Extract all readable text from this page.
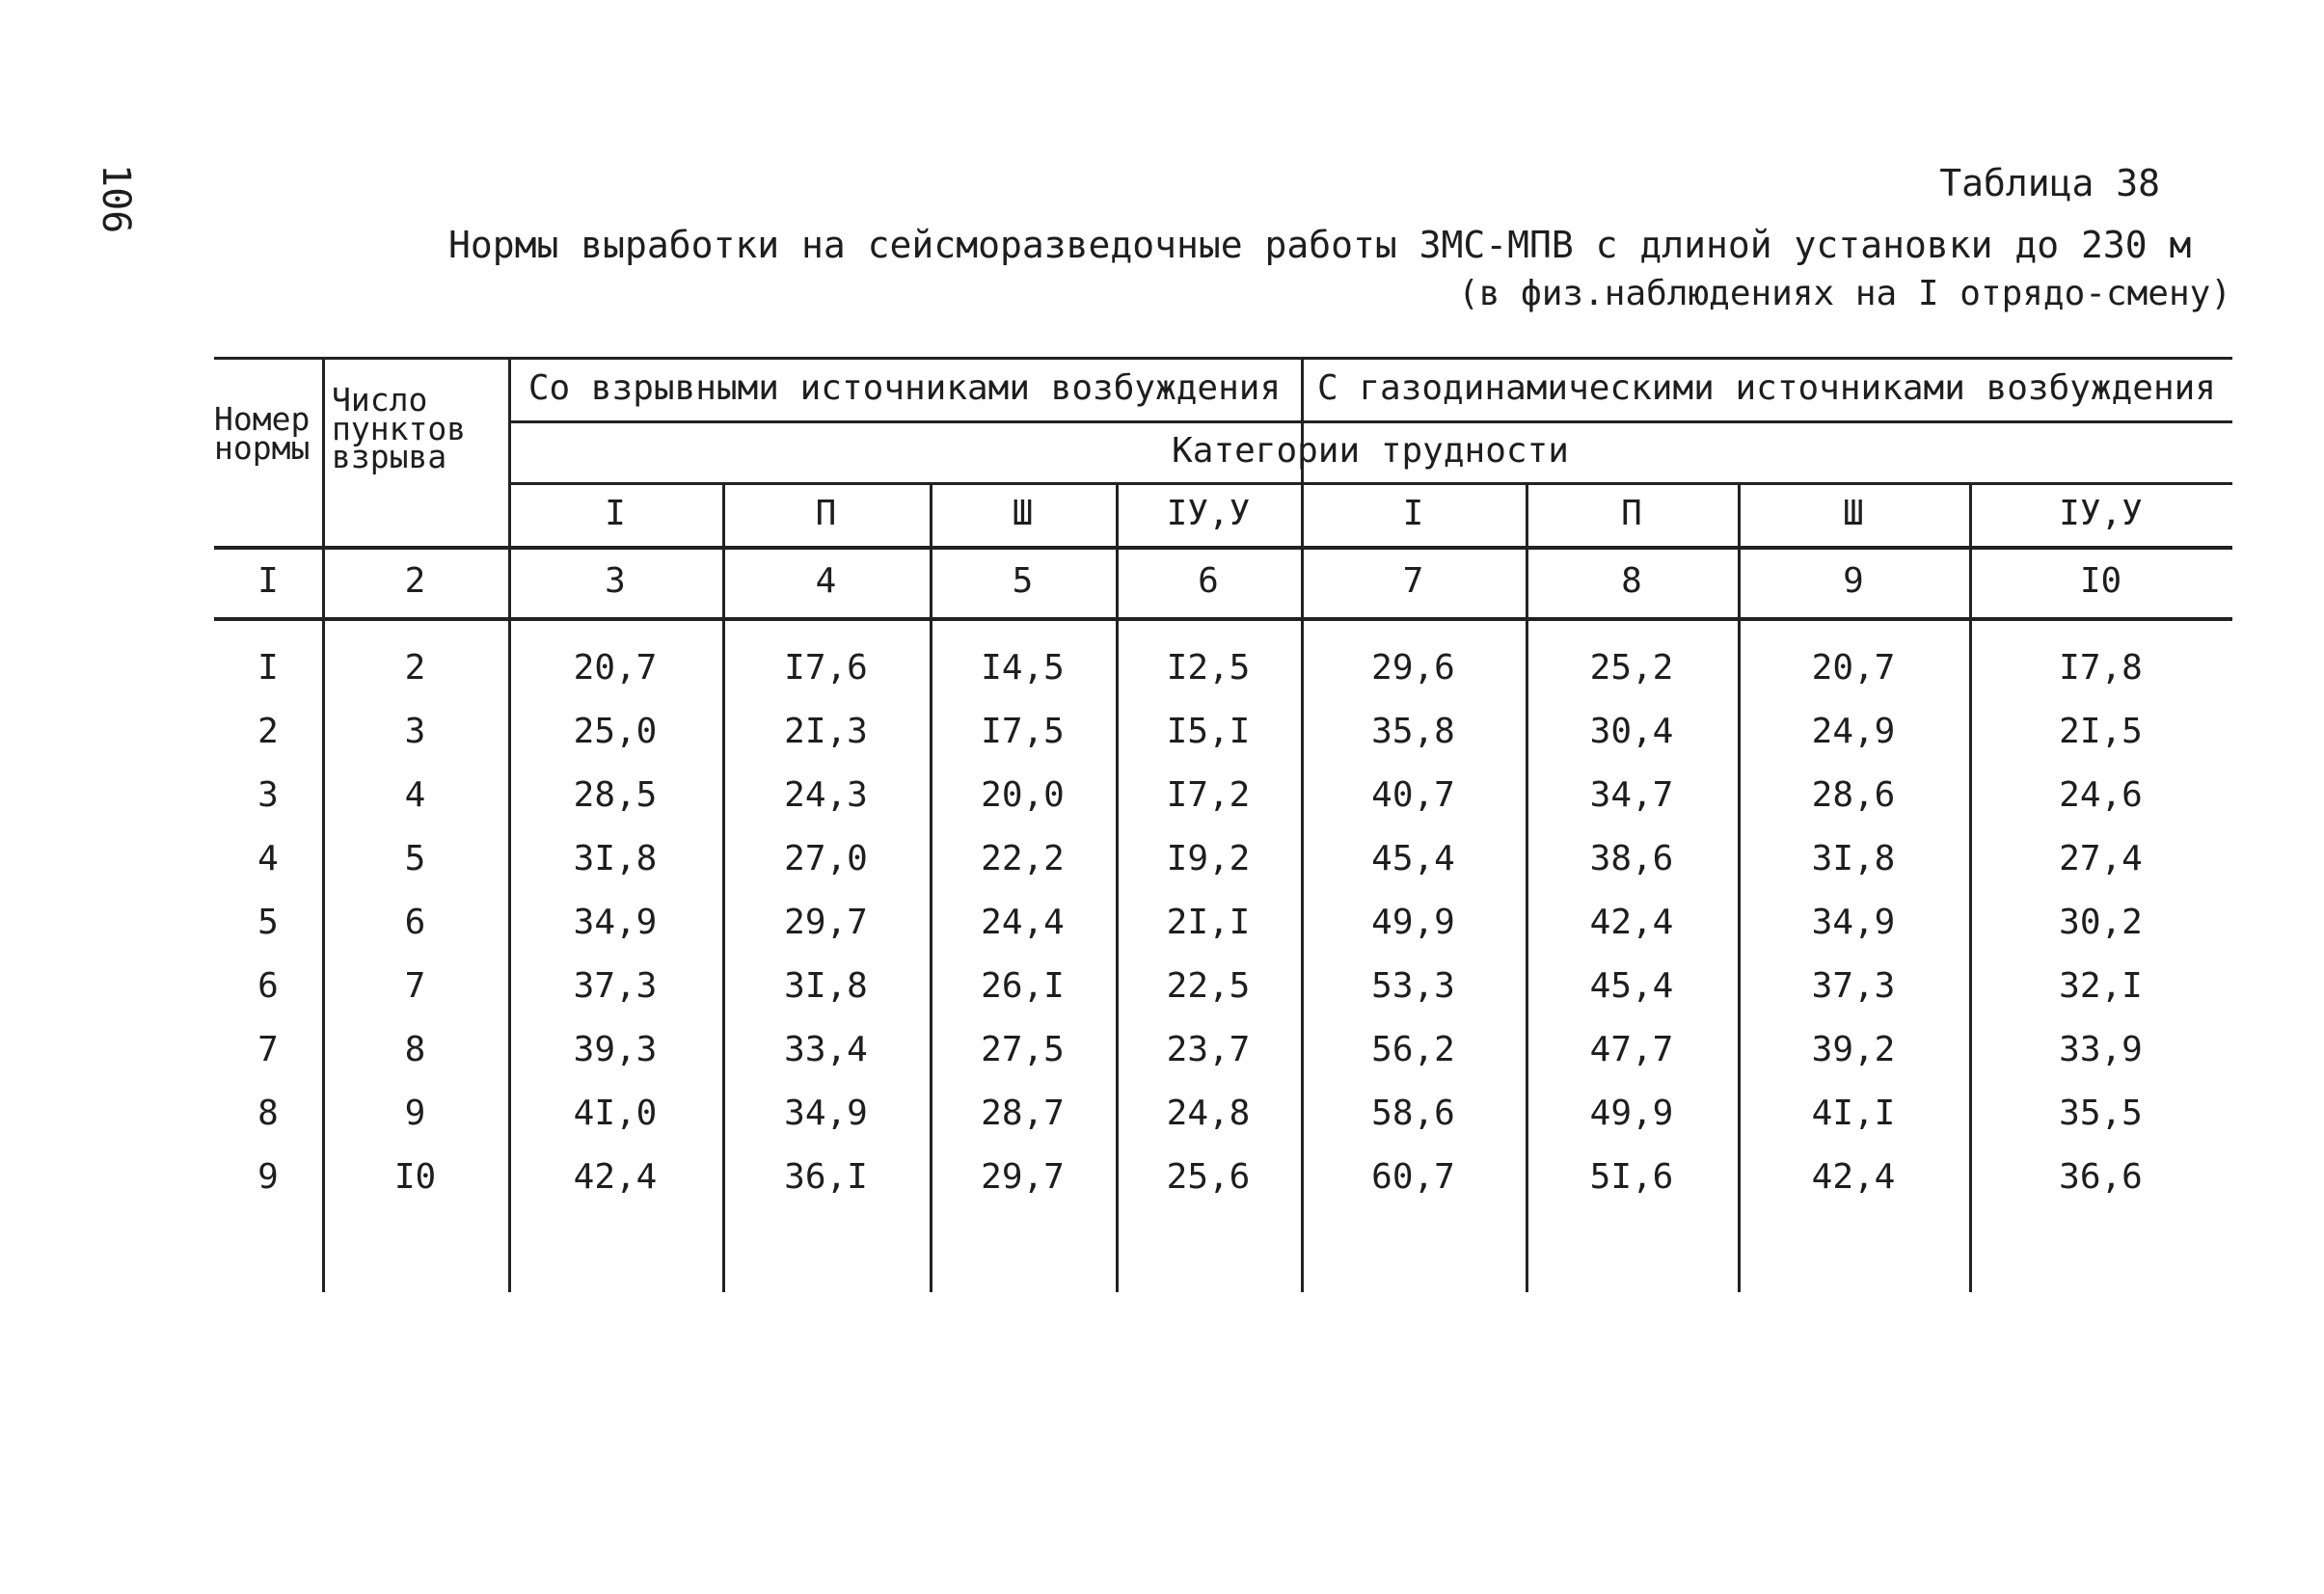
106	Таблица 38
Нормы выработки на сейсморазведочные работы ЗМС-МПВ с длиной установки до 230 м
(в физ.наблюдениях на I отрядо-смену)
Номер
нормы
Число
пунктов
взрыва
Со взрывными источниками возбуждения	С газодинамическими источниками возбуждения
Категории трудности
I	П	Ш	IУ,У	I	П	Ш	IУ,У
I	2	3	4	5	6	7	8	9	I0
I	2	20,7	I7,6	I4,5	I2,5	29,6	25,2	20,7	I7,8
2	3	25,0	2I,3	I7,5	I5,I	35,8	30,4	24,9	2I,5
3	4	28,5	24,3	20,0	I7,2	40,7	34,7	28,6	24,6
4	5	3I,8	27,0	22,2	I9,2	45,4	38,6	3I,8	27,4
5	6	34,9	29,7	24,4	2I,I	49,9	42,4	34,9	30,2
6	7	37,3	3I,8	26,I	22,5	53,3	45,4	37,3	32,I
7	8	39,3	33,4	27,5	23,7	56,2	47,7	39,2	33,9
8	9	4I,0	34,9	28,7	24,8	58,6	49,9	4I,I	35,5
9	I0	42,4	36,I	29,7	25,6	60,7	5I,6	42,4	36,6
